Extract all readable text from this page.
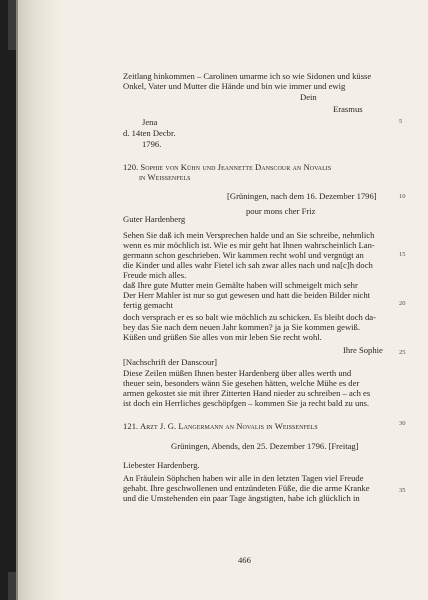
Zeitlang hinkommen – Carolinen umarme ich so wie Sidonen und küsse
Onkel, Vater und Mutter die Hände und bin wie immer und ewig
Dein
Erasmus
Jena
d. 14ten Decbr.
1796.
120. Sophie von Kühn und Jeannette Danscour an Novalis
in Weissenfels
[Grüningen, nach dem 16. Dezember 1796]
pour mons cher Friz
Guter Hardenberg
Sehen Sie daß ich mein Versprechen halde und an Sie schreibe, nehmlich
wenn es mir möchlich ist. Wie es mir geht hat Ihnen wahrscheinlich Lan-
germann schon geschrieben. Wir kammen recht wohl und vergnügt an
die Kinder und alles wahr Fietel ich sah zwar alles nach und na[c]h doch
Freude mich alles.
daß Ihre gute Mutter mein Gemälte haben will schmeigelt mich sehr
Der Herr Mahler ist nur so gut gewesen und hatt die beiden Bilder nicht
fertig gemacht
doch versprach er es so balt wie möchlich zu schicken. Es bleibt doch da-
bey das Sie nach dem neuen Jahr kommen? ja ja Sie kommen gewiß.
Küßen und grüßen Sie alles von mir leben Sie recht wohl.
Ihre Sophie
[Nachschrift der Danscour]
Diese Zeilen müßen Ihnen bester Hardenberg über alles werth und
theuer sein, besonders wänn Sie gesehen hätten, welche Mühe es der
armen gekostet sie mit ihrer Zitterten Hand nieder zu schreiben – ach es
ist doch ein Herrliches geschöpfgen – kommen Sie ja recht bald zu uns.
121. Arzt J. G. Langermann an Novalis in Weissenfels
Grüningen, Abends, den 25. Dezember 1796. [Freitag]
Liebester Hardenberg.
An Fräulein Söphchen haben wir alle in den letzten Tagen viel Freude
gehabt. Ihre geschwollenen und entzündeten Füße, die die arme Kranke
und die Umstehenden ein paar Tage ängstigten, habe ich glücklich in
5
10
15
20
25
30
35
466
